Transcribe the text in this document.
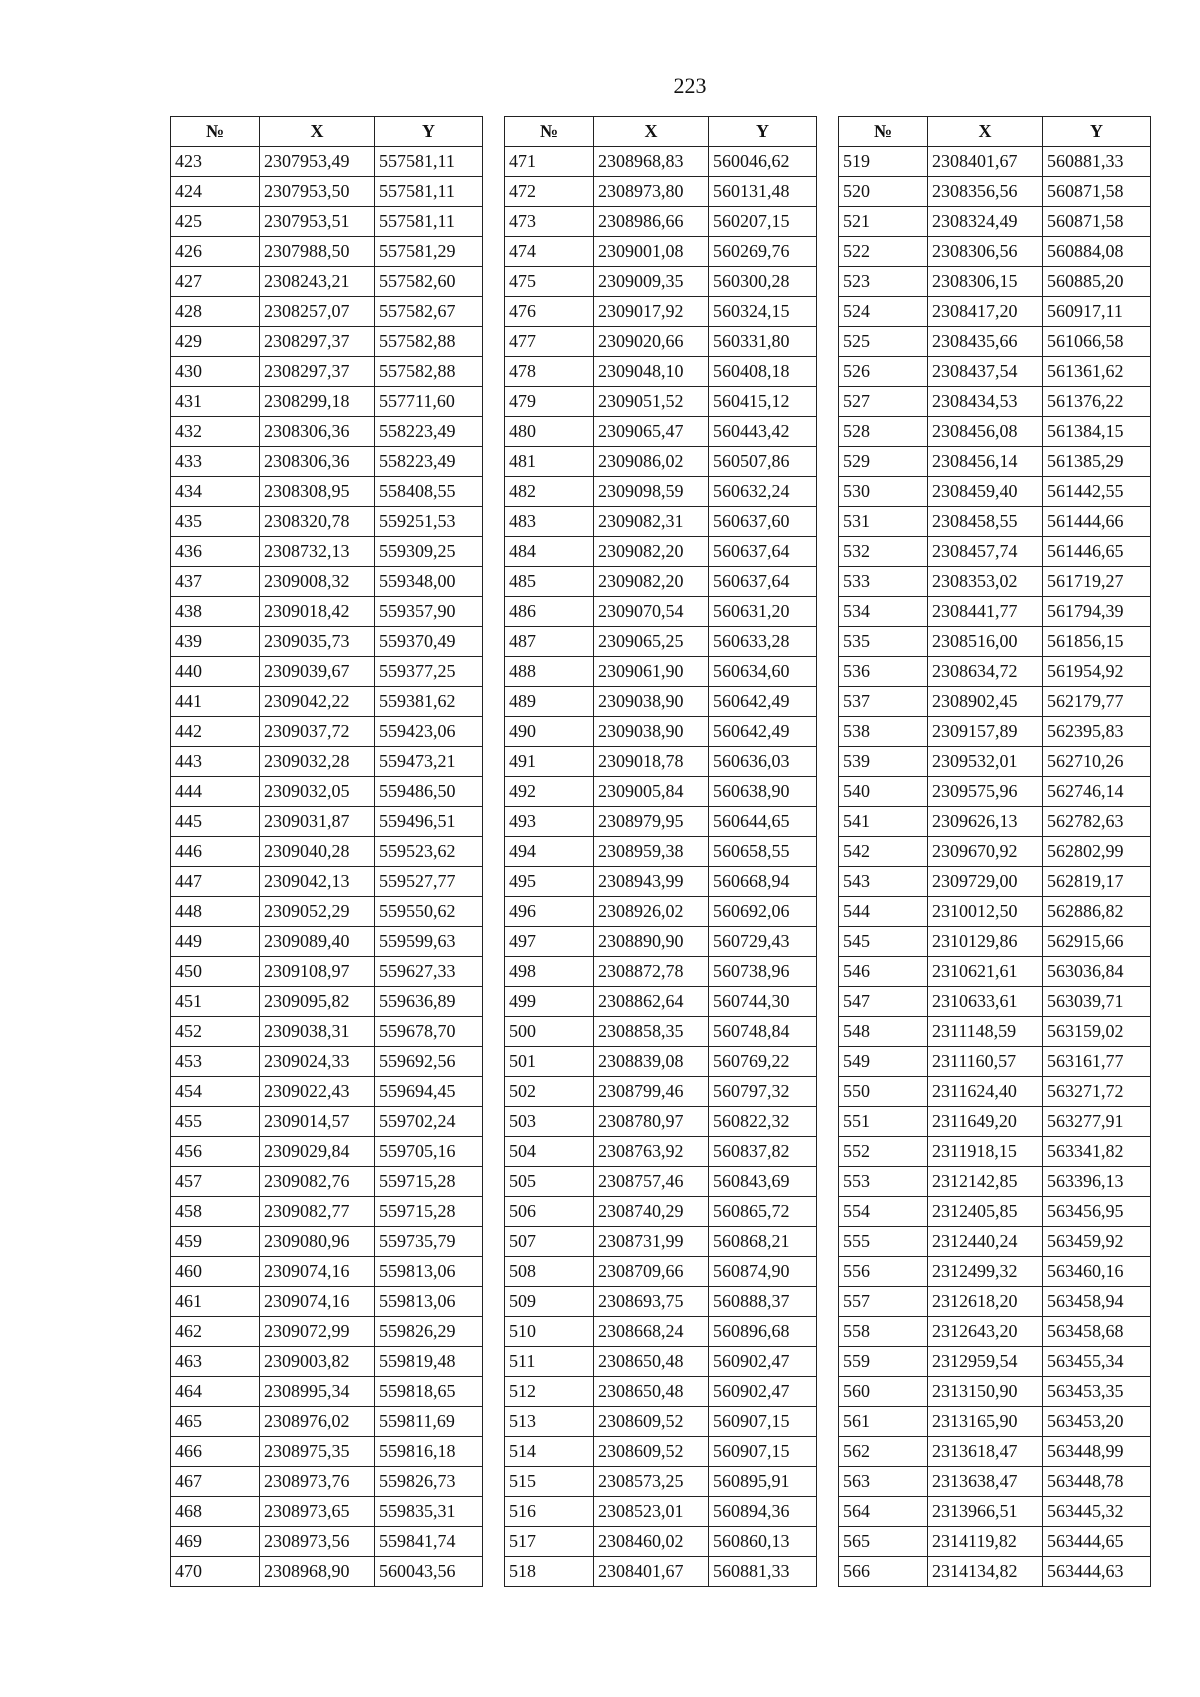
223
№	X	Y
423	2307953,49	557581,11
424	2307953,50	557581,11
425	2307953,51	557581,11
426	2307988,50	557581,29
427	2308243,21	557582,60
428	2308257,07	557582,67
429	2308297,37	557582,88
430	2308297,37	557582,88
431	2308299,18	557711,60
432	2308306,36	558223,49
433	2308306,36	558223,49
434	2308308,95	558408,55
435	2308320,78	559251,53
436	2308732,13	559309,25
437	2309008,32	559348,00
438	2309018,42	559357,90
439	2309035,73	559370,49
440	2309039,67	559377,25
441	2309042,22	559381,62
442	2309037,72	559423,06
443	2309032,28	559473,21
444	2309032,05	559486,50
445	2309031,87	559496,51
446	2309040,28	559523,62
447	2309042,13	559527,77
448	2309052,29	559550,62
449	2309089,40	559599,63
450	2309108,97	559627,33
451	2309095,82	559636,89
452	2309038,31	559678,70
453	2309024,33	559692,56
454	2309022,43	559694,45
455	2309014,57	559702,24
456	2309029,84	559705,16
457	2309082,76	559715,28
458	2309082,77	559715,28
459	2309080,96	559735,79
460	2309074,16	559813,06
461	2309074,16	559813,06
462	2309072,99	559826,29
463	2309003,82	559819,48
464	2308995,34	559818,65
465	2308976,02	559811,69
466	2308975,35	559816,18
467	2308973,76	559826,73
468	2308973,65	559835,31
469	2308973,56	559841,74
470	2308968,90	560043,56
№	X	Y
471	2308968,83	560046,62
472	2308973,80	560131,48
473	2308986,66	560207,15
474	2309001,08	560269,76
475	2309009,35	560300,28
476	2309017,92	560324,15
477	2309020,66	560331,80
478	2309048,10	560408,18
479	2309051,52	560415,12
480	2309065,47	560443,42
481	2309086,02	560507,86
482	2309098,59	560632,24
483	2309082,31	560637,60
484	2309082,20	560637,64
485	2309082,20	560637,64
486	2309070,54	560631,20
487	2309065,25	560633,28
488	2309061,90	560634,60
489	2309038,90	560642,49
490	2309038,90	560642,49
491	2309018,78	560636,03
492	2309005,84	560638,90
493	2308979,95	560644,65
494	2308959,38	560658,55
495	2308943,99	560668,94
496	2308926,02	560692,06
497	2308890,90	560729,43
498	2308872,78	560738,96
499	2308862,64	560744,30
500	2308858,35	560748,84
501	2308839,08	560769,22
502	2308799,46	560797,32
503	2308780,97	560822,32
504	2308763,92	560837,82
505	2308757,46	560843,69
506	2308740,29	560865,72
507	2308731,99	560868,21
508	2308709,66	560874,90
509	2308693,75	560888,37
510	2308668,24	560896,68
511	2308650,48	560902,47
512	2308650,48	560902,47
513	2308609,52	560907,15
514	2308609,52	560907,15
515	2308573,25	560895,91
516	2308523,01	560894,36
517	2308460,02	560860,13
518	2308401,67	560881,33
№	X	Y
519	2308401,67	560881,33
520	2308356,56	560871,58
521	2308324,49	560871,58
522	2308306,56	560884,08
523	2308306,15	560885,20
524	2308417,20	560917,11
525	2308435,66	561066,58
526	2308437,54	561361,62
527	2308434,53	561376,22
528	2308456,08	561384,15
529	2308456,14	561385,29
530	2308459,40	561442,55
531	2308458,55	561444,66
532	2308457,74	561446,65
533	2308353,02	561719,27
534	2308441,77	561794,39
535	2308516,00	561856,15
536	2308634,72	561954,92
537	2308902,45	562179,77
538	2309157,89	562395,83
539	2309532,01	562710,26
540	2309575,96	562746,14
541	2309626,13	562782,63
542	2309670,92	562802,99
543	2309729,00	562819,17
544	2310012,50	562886,82
545	2310129,86	562915,66
546	2310621,61	563036,84
547	2310633,61	563039,71
548	2311148,59	563159,02
549	2311160,57	563161,77
550	2311624,40	563271,72
551	2311649,20	563277,91
552	2311918,15	563341,82
553	2312142,85	563396,13
554	2312405,85	563456,95
555	2312440,24	563459,92
556	2312499,32	563460,16
557	2312618,20	563458,94
558	2312643,20	563458,68
559	2312959,54	563455,34
560	2313150,90	563453,35
561	2313165,90	563453,20
562	2313618,47	563448,99
563	2313638,47	563448,78
564	2313966,51	563445,32
565	2314119,82	563444,65
566	2314134,82	563444,63
